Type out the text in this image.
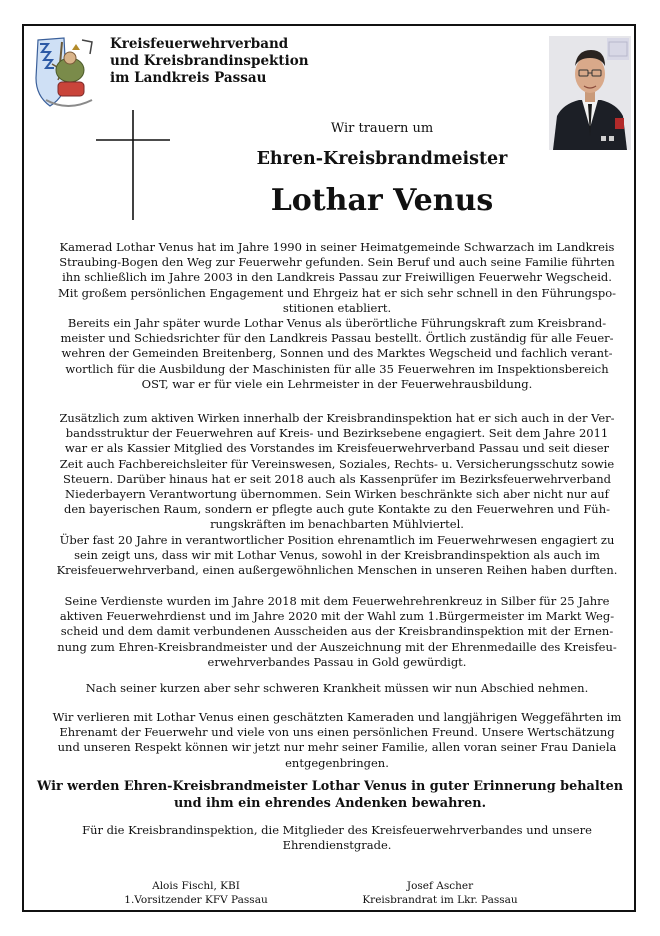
Kreisfeuerwehrverband
und Kreisbrandinspektion
im Landkreis Passau
Wir trauern um
Ehren-Kreisbrandmeister
Lothar Venus
Kamerad Lothar Venus hat im Jahre 1990 in seiner Heimatgemeinde Schwarzach im Landkreis
Straubing-Bogen den Weg zur Feuerwehr gefunden. Sein Beruf und auch seine Familie führten
ihn schließlich im Jahre 2003 in den Landkreis Passau zur Freiwilligen Feuerwehr Wegscheid.
Mit großem persönlichen Engagement und Ehrgeiz hat er sich sehr schnell in den Führungspo-
stitionen etabliert.
Bereits ein Jahr später wurde Lothar Venus als überörtliche Führungskraft zum Kreisbrand-
meister und Schiedsrichter für den Landkreis Passau bestellt. Örtlich zuständig für alle Feuer-
wehren der Gemeinden Breitenberg, Sonnen und des Marktes Wegscheid und fachlich verant-
wortlich für die Ausbildung der Maschinisten für alle 35 Feuerwehren im Inspektionsbereich
OST, war er für viele ein Lehrmeister in der Feuerwehrausbildung.
Zusätzlich zum aktiven Wirken innerhalb der Kreisbrandinspektion hat er sich auch in der Ver-
bandsstruktur der Feuerwehren auf Kreis- und Bezirksebene engagiert. Seit dem Jahre 2011
war er als Kassier Mitglied des Vorstandes im Kreisfeuerwehrverband Passau und seit dieser
Zeit auch Fachbereichsleiter für Vereinswesen, Soziales, Rechts- u. Versicherungsschutz sowie
Steuern. Darüber hinaus hat er seit 2018 auch als Kassenprüfer im Bezirksfeuerwehrverband
Niederbayern Verantwortung übernommen. Sein Wirken beschränkte sich aber nicht nur auf
den bayerischen Raum, sondern er pflegte auch gute Kontakte zu den Feuerwehren und Füh-
rungskräften im benachbarten Mühlviertel.
Über fast 20 Jahre in verantwortlicher Position ehrenamtlich im Feuerwehrwesen engagiert zu
sein zeigt uns, dass wir mit Lothar Venus, sowohl in der Kreisbrandinspektion als auch im
Kreisfeuerwehrverband, einen außergewöhnlichen Menschen in unseren Reihen haben durften.
Seine Verdienste wurden im Jahre 2018 mit dem Feuerwehrehrenkreuz in Silber für 25 Jahre
aktiven Feuerwehrdienst und im Jahre 2020 mit der Wahl zum 1.Bürgermeister im Markt Weg-
scheid und dem damit verbundenen Ausscheiden aus der Kreisbrandinspektion mit der Ernen-
nung zum Ehren-Kreisbrandmeister und der Auszeichnung mit der Ehrenmedaille des Kreisfeu-
erwehrverbandes Passau in Gold gewürdigt.
Nach seiner kurzen aber sehr schweren Krankheit müssen wir nun Abschied nehmen.
Wir verlieren mit Lothar Venus einen geschätzten Kameraden und langjährigen Weggefährten im
Ehrenamt der Feuerwehr und viele von uns einen persönlichen Freund. Unsere Wertschätzung
und unseren Respekt können wir jetzt nur mehr seiner Familie, allen voran seiner Frau Daniela
entgegenbringen.
Wir werden Ehren-Kreisbrandmeister Lothar Venus in guter Erinnerung behalten
und ihm ein ehrendes Andenken bewahren.
Für die Kreisbrandinspektion, die Mitglieder des Kreisfeuerwehrverbandes und unsere
Ehrendienstgrade.
Alois Fischl, KBI
1.Vorsitzender KFV Passau
Josef Ascher
Kreisbrandrat im Lkr. Passau
